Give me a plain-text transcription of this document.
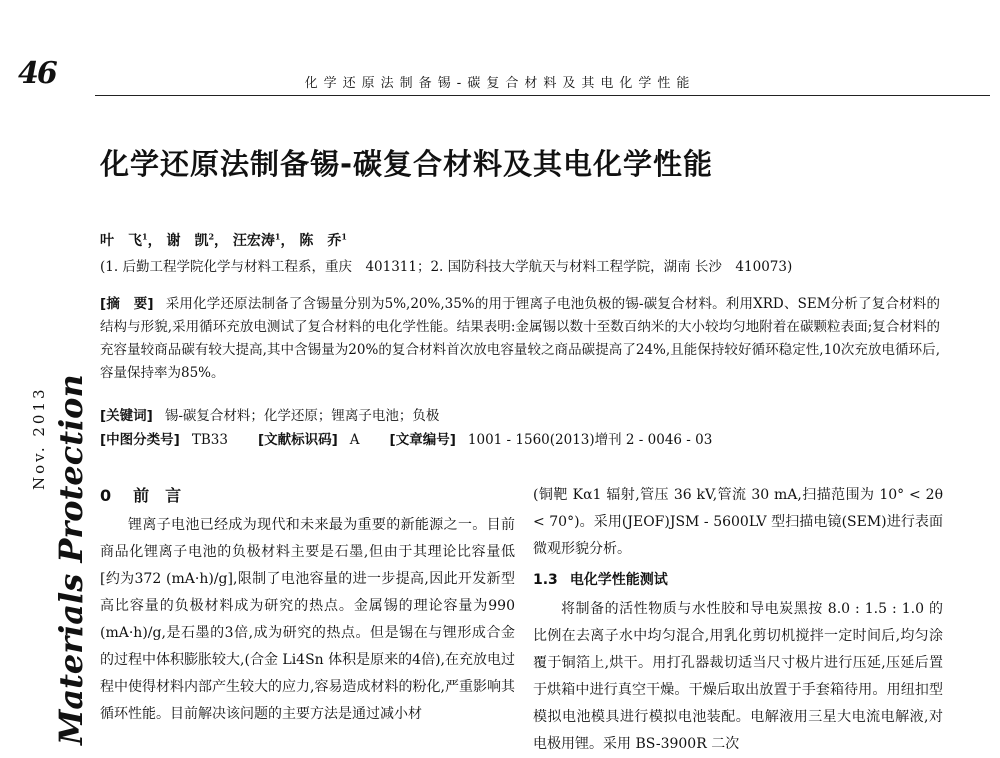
46	化学还原法制备锡-碳复合材料及其电化学性能
化学还原法制备锡-碳复合材料及其电化学性能
叶　飞$^1$， 谢　凯$^2$， 汪宏涛$^1$， 陈　乔$^1$
(1. 后勤工程学院化学与材料工程系，重庆　401311；2. 国防科技大学航天与材料工程学院，湖南 长沙　410073)
[摘　要] 采用化学还原法制备了含锡量分别为5%,20%,35%的用于锂离子电池负极的锡-碳复合材料。利用XRD、SEM分析了复合材料的结构与形貌,采用循环充放电测试了复合材料的电化学性能。结果表明:金属锡以数十至数百纳米的大小较均匀地附着在碳颗粒表面;复合材料的充容量较商品碳有较大提高,其中含锡量为20%的复合材料首次放电容量较之商品碳提高了24%,且能保持较好循环稳定性,10次充放电循环后,容量保持率为85%。
[关键词] 锡-碳复合材料；化学还原；锂离子电池；负极
[中图分类号] TB33 [文献标识码] A [文章编号] 1001 - 1560(2013)增刊 2 - 0046 - 03
Nov. 2013 Materials Protection 0 前 言

锂离子电池已经成为现代和未来最为重要的新能源之一。目前商品化锂离子电池的负极材料主要是石墨,但由于其理论比容量低[约为372 (mA·h)/g],限制了电池容量的进一步提高,因此开发新型高比容量的负极材料成为研究的热点。金属锡的理论容量为990 (mA·h)/g,是石墨的3倍,成为研究的热点。但是锡在与锂形成合金的过程中体积膨胀较大,(合金 Li4Sn 体积是原来的4倍),在充放电过程中使得材料内部产生较大的应力,容易造成材料的粉化,严重影响其循环性能。目前解决该问题的主要方法是通过减小材

(铜靶 Kα1 辐射,管压 36 kV,管流 30 mA,扫描范围为 10° < 2θ < 70°)。采用(JEOF)JSM - 5600LV 型扫描电镜(SEM)进行表面微观形貌分析。

1.3 电化学性能测试

将制备的活性物质与水性胶和导电炭黑按 8.0 : 1.5 : 1.0 的比例在去离子水中均匀混合,用乳化剪切机搅拌一定时间后,均匀涂覆于铜箔上,烘干。用打孔器裁切适当尺寸极片进行压延,压延后置于烘箱中进行真空干燥。干燥后取出放置于手套箱待用。用纽扣型模拟电池模具进行模拟电池装配。电解液用三星大电流电解液,对电极用锂。采用 BS-3900R 二次
